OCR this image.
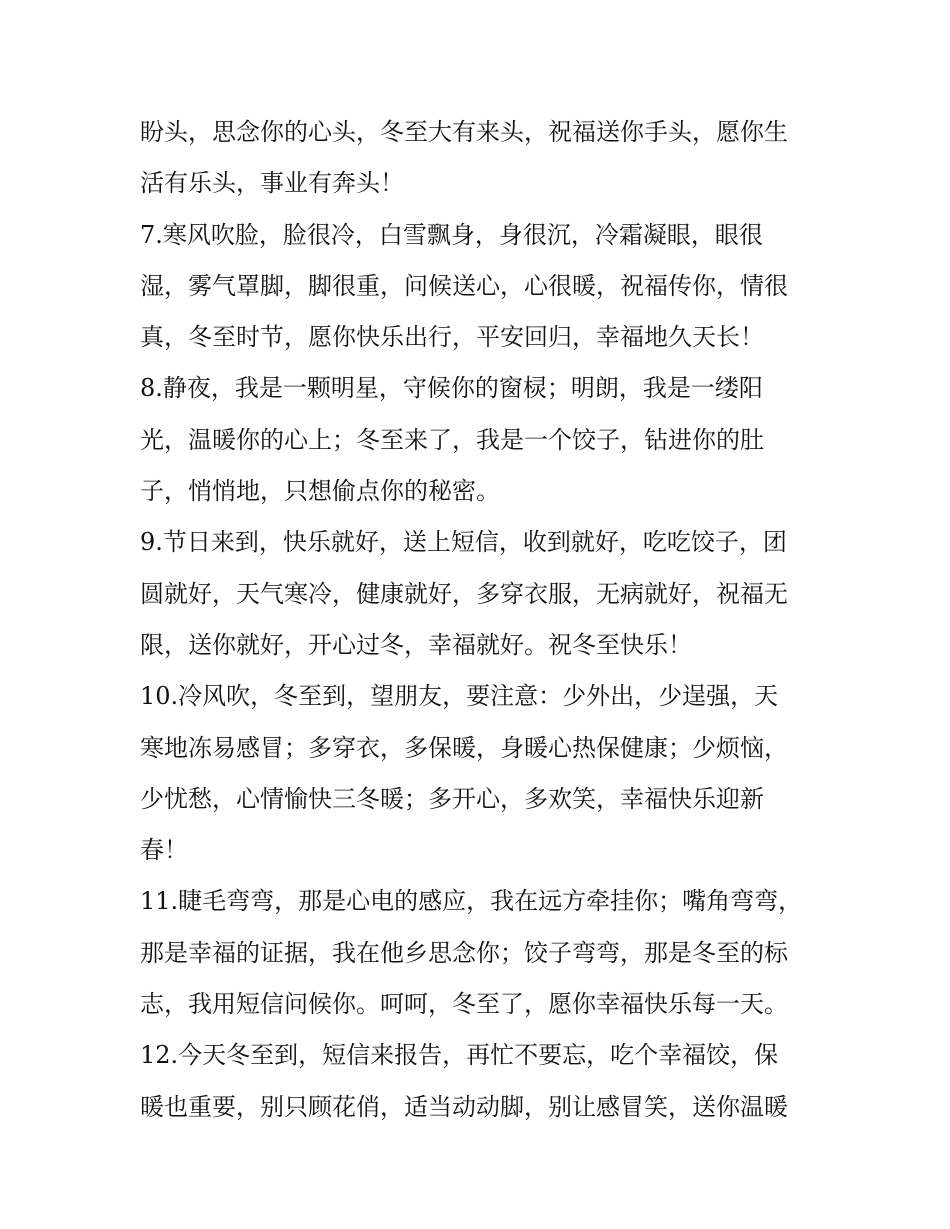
盼头，思念你的心头，冬至大有来头，祝福送你手头，愿你生
活有乐头，事业有奔头！
7.寒风吹脸，脸很冷，白雪飘身，身很沉，冷霜凝眼，眼很
湿，雾气罩脚，脚很重，问候送心，心很暖，祝福传你，情很
真，冬至时节，愿你快乐出行，平安回归，幸福地久天长！
8.静夜，我是一颗明星，守候你的窗棂；明朗，我是一缕阳
光，温暖你的心上；冬至来了，我是一个饺子，钻进你的肚
子，悄悄地，只想偷点你的秘密。
9.节日来到，快乐就好，送上短信，收到就好，吃吃饺子，团
圆就好，天气寒冷，健康就好，多穿衣服，无病就好，祝福无
限，送你就好，开心过冬，幸福就好。祝冬至快乐！
10.冷风吹，冬至到，望朋友，要注意：少外出，少逞强，天
寒地冻易感冒；多穿衣，多保暖，身暖心热保健康；少烦恼，
少忧愁，心情愉快三冬暖；多开心，多欢笑，幸福快乐迎新
春！
11.睫毛弯弯，那是心电的感应，我在远方牵挂你；嘴角弯弯，
那是幸福的证据，我在他乡思念你；饺子弯弯，那是冬至的标
志，我用短信问候你。呵呵，冬至了，愿你幸福快乐每一天。
12.今天冬至到，短信来报告，再忙不要忘，吃个幸福饺，保
暖也重要，别只顾花俏，适当动动脚，别让感冒笑，送你温暖
